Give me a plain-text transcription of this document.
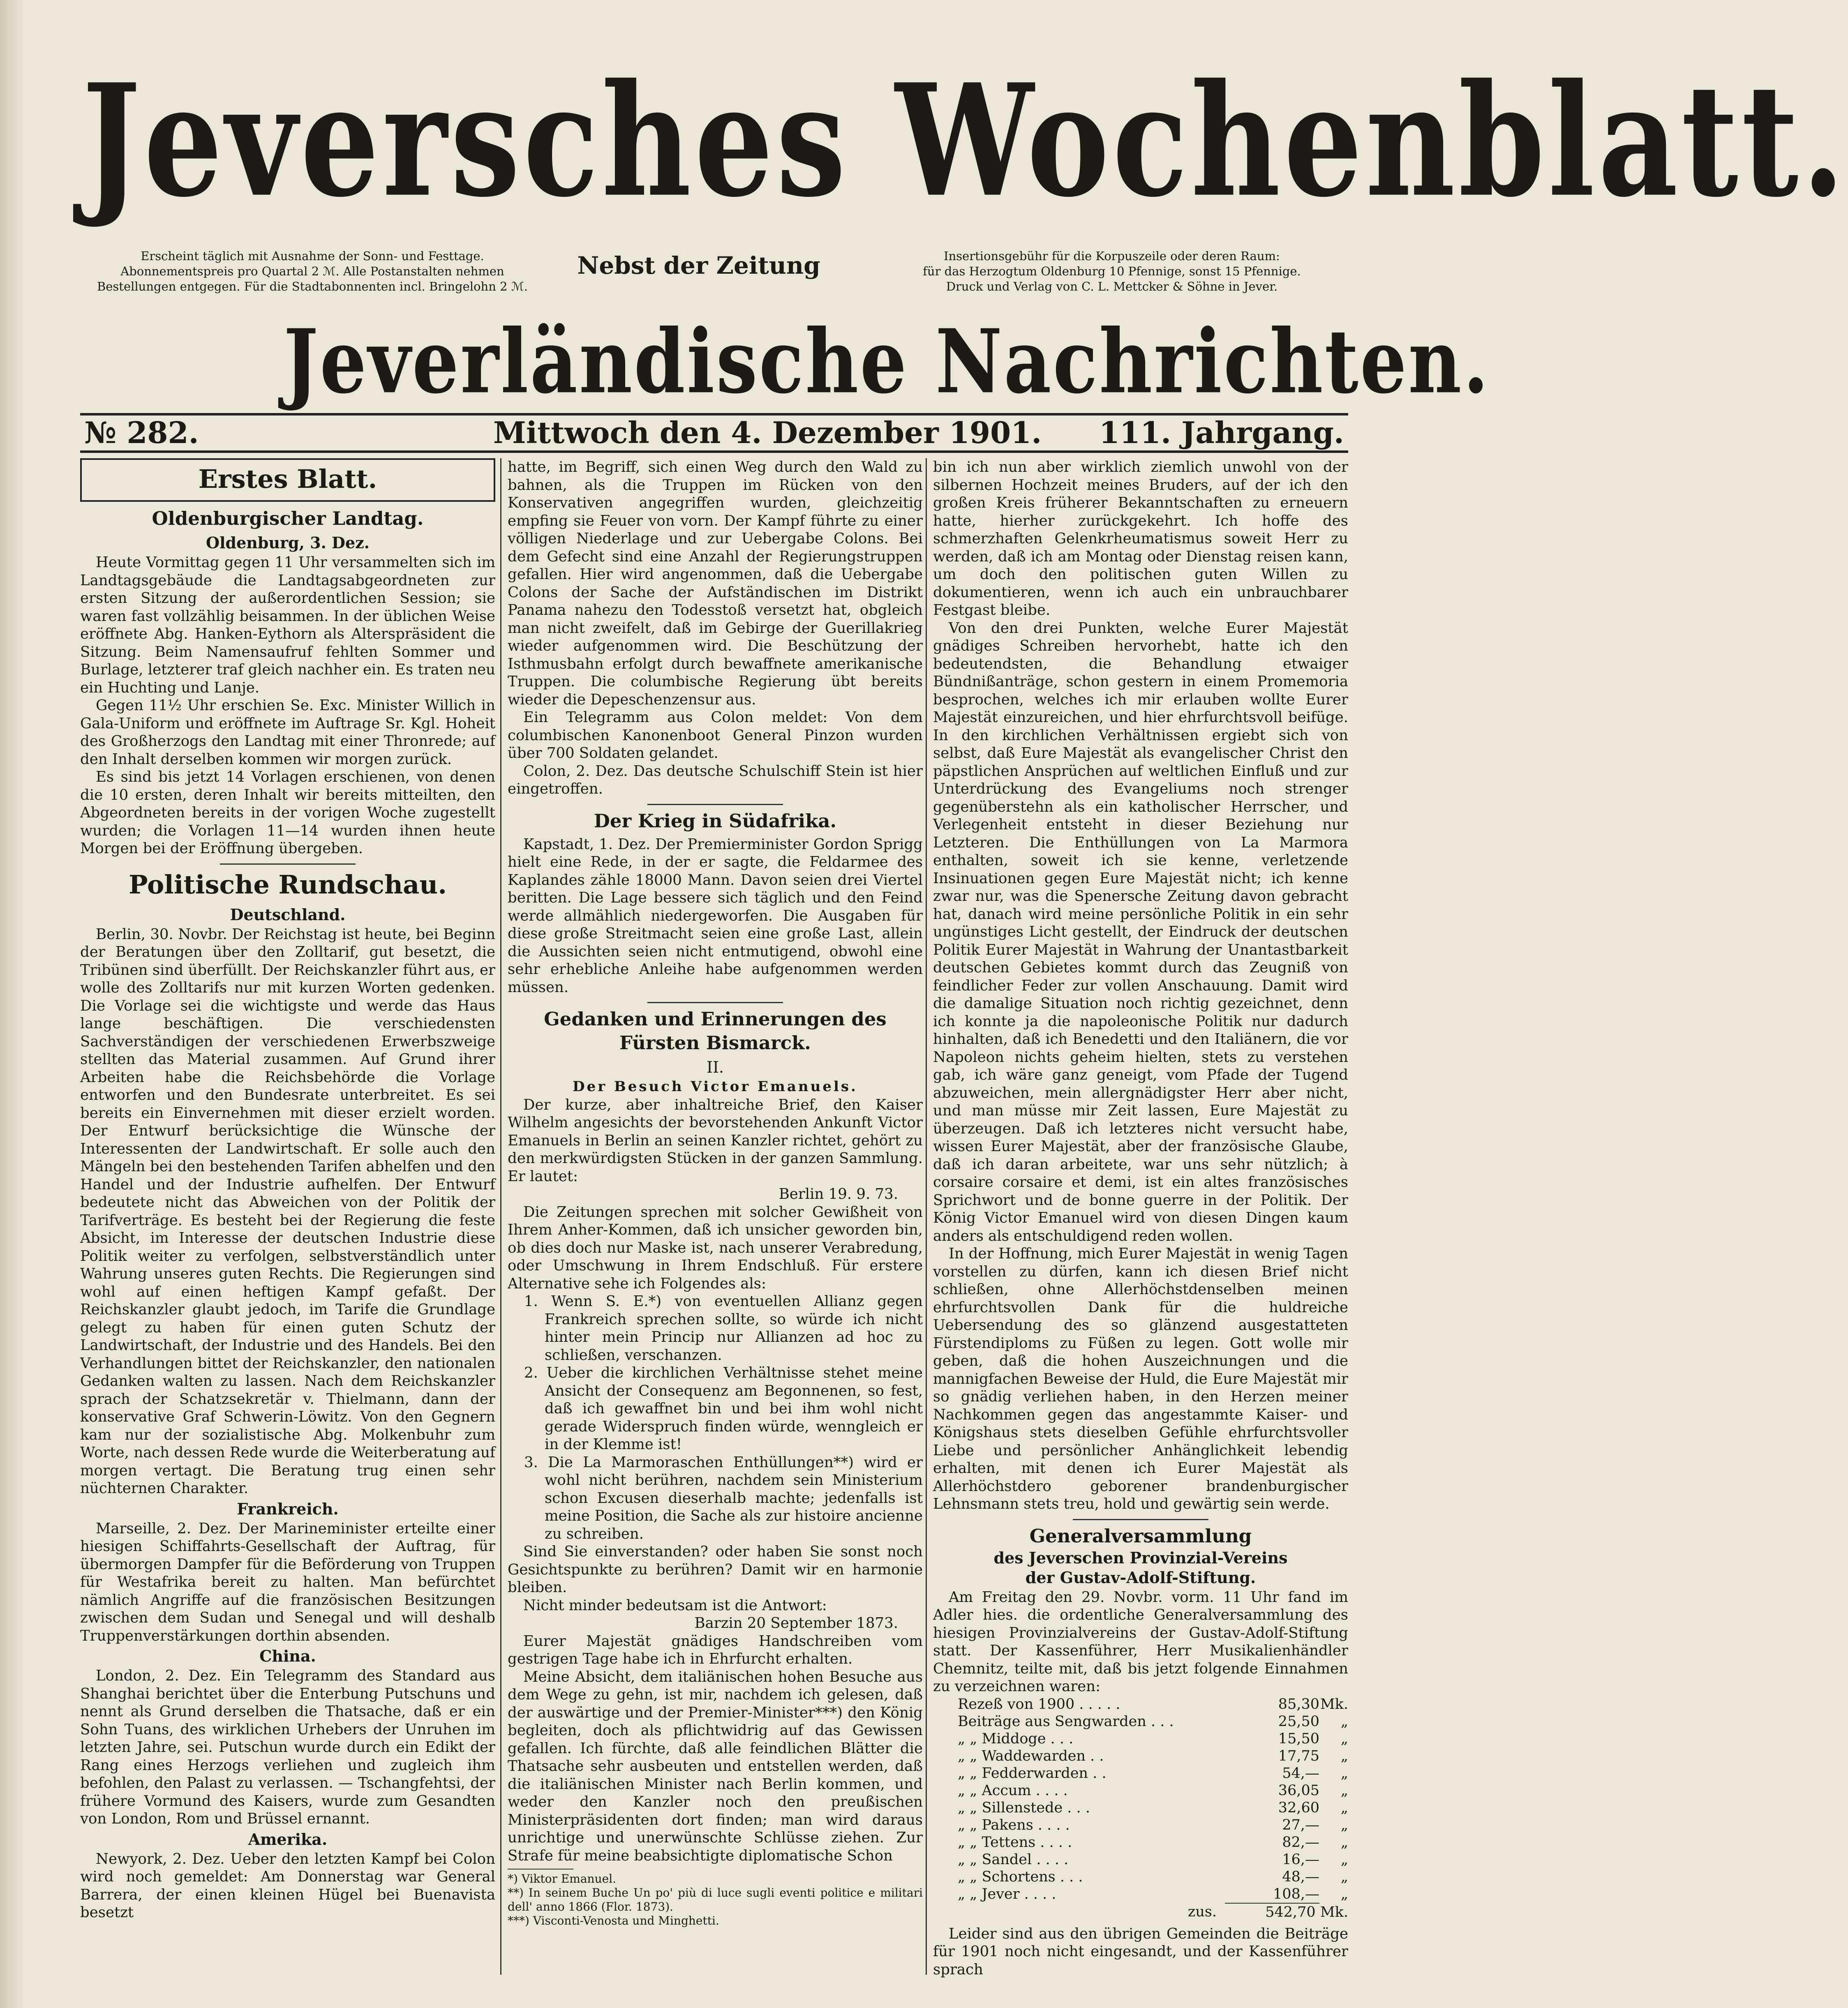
Jeversches Wochenblatt.
Erscheint täglich mit Ausnahme der Sonn- und Festtage.
Abonnementspreis pro Quartal 2 ℳ. Alle Postanstalten nehmen
Bestellungen entgegen. Für die Stadtabonnenten incl. Bringelohn 2 ℳ.
Nebst der Zeitung	Insertionsgebühr für die Korpuszeile oder deren Raum:
für das Herzogtum Oldenburg 10 Pfennige, sonst 15 Pfennige.
Druck und Verlag von C. L. Mettcker & Söhne in Jever.
Jeverländische Nachrichten.
№ 282.	Mittwoch den 4. Dezember 1901. 111. Jahrgang.
Erstes Blatt.
Oldenburgischer Landtag.
Oldenburg, 3. Dez.

Heute Vormittag gegen 11 Uhr versammelten sich im Landtagsgebäude die Landtagsabgeordneten zur ersten Sitzung der außerordentlichen Session; sie waren fast vollzählig beisammen. In der üblichen Weise eröffnete Abg. Hanken-Eythorn als Alterspräsident die Sitzung. Beim Namensaufruf fehlten Sommer und Burlage, letzterer traf gleich nachher ein. Es traten neu ein Huchting und Lanje.

Gegen 11½ Uhr erschien Se. Exc. Minister Willich in Gala-Uniform und eröffnete im Auftrage Sr. Kgl. Hoheit des Großherzogs den Landtag mit einer Thronrede; auf den Inhalt derselben kommen wir morgen zurück.

Es sind bis jetzt 14 Vorlagen erschienen, von denen die 10 ersten, deren Inhalt wir bereits mitteilten, den Abgeordneten bereits in der vorigen Woche zugestellt wurden; die Vorlagen 11—14 wurden ihnen heute Morgen bei der Eröffnung übergeben.

Politische Rundschau.
Deutschland.

Berlin, 30. Novbr. Der Reichstag ist heute, bei Beginn der Beratungen über den Zolltarif, gut besetzt, die Tribünen sind überfüllt. Der Reichskanzler führt aus, er wolle des Zolltarifs nur mit kurzen Worten gedenken. Die Vorlage sei die wichtigste und werde das Haus lange beschäftigen. Die verschiedensten Sachverständigen der verschiedenen Erwerbszweige stellten das Material zusammen. Auf Grund ihrer Arbeiten habe die Reichsbehörde die Vorlage entworfen und den Bundesrate unterbreitet. Es sei bereits ein Einvernehmen mit dieser erzielt worden. Der Entwurf berücksichtige die Wünsche der Interessenten der Landwirtschaft. Er solle auch den Mängeln bei den bestehenden Tarifen abhelfen und den Handel und der Industrie aufhelfen. Der Entwurf bedeutete nicht das Abweichen von der Politik der Tarifverträge. Es besteht bei der Regierung die feste Absicht, im Interesse der deutschen Industrie diese Politik weiter zu verfolgen, selbstverständlich unter Wahrung unseres guten Rechts. Die Regierungen sind wohl auf einen heftigen Kampf gefaßt. Der Reichskanzler glaubt jedoch, im Tarife die Grundlage gelegt zu haben für einen guten Schutz der Landwirtschaft, der Industrie und des Handels. Bei den Verhandlungen bittet der Reichskanzler, den nationalen Gedanken walten zu lassen. Nach dem Reichskanzler sprach der Schatzsekretär v. Thielmann, dann der konservative Graf Schwerin-Löwitz. Von den Gegnern kam nur der sozialistische Abg. Molkenbuhr zum Worte, nach dessen Rede wurde die Weiterberatung auf morgen vertagt. Die Beratung trug einen sehr nüchternen Charakter.

Frankreich.

Marseille, 2. Dez. Der Marineminister erteilte einer hiesigen Schiffahrts-Gesellschaft der Auftrag, für übermorgen Dampfer für die Beförderung von Truppen für Westafrika bereit zu halten. Man befürchtet nämlich Angriffe auf die französischen Besitzungen zwischen dem Sudan und Senegal und will deshalb Truppenverstärkungen dorthin absenden.

China.

London, 2. Dez. Ein Telegramm des Standard aus Shanghai berichtet über die Enterbung Putschuns und nennt als Grund derselben die Thatsache, daß er ein Sohn Tuans, des wirklichen Urhebers der Unruhen im letzten Jahre, sei. Putschun wurde durch ein Edikt der Rang eines Herzogs verliehen und zugleich ihm befohlen, den Palast zu verlassen. — Tschangfehtsi, der frühere Vormund des Kaisers, wurde zum Gesandten von London, Rom und Brüssel ernannt.

Amerika.

Newyork, 2. Dez. Ueber den letzten Kampf bei Colon wird noch gemeldet: Am Donnerstag war General Barrera, der einen kleinen Hügel bei Buenavista besetzt

hatte, im Begriff, sich einen Weg durch den Wald zu bahnen, als die Truppen im Rücken von den Konservativen angegriffen wurden, gleichzeitig empfing sie Feuer von vorn. Der Kampf führte zu einer völligen Niederlage und zur Uebergabe Colons. Bei dem Gefecht sind eine Anzahl der Regierungstruppen gefallen. Hier wird angenommen, daß die Uebergabe Colons der Sache der Aufständischen im Distrikt Panama nahezu den Todesstoß versetzt hat, obgleich man nicht zweifelt, daß im Gebirge der Guerillakrieg wieder aufgenommen wird. Die Beschützung der Isthmusbahn erfolgt durch bewaffnete amerikanische Truppen. Die columbische Regierung übt bereits wieder die Depeschenzensur aus.

Ein Telegramm aus Colon meldet: Von dem columbischen Kanonenboot General Pinzon wurden über 700 Soldaten gelandet.

Colon, 2. Dez. Das deutsche Schulschiff Stein ist hier eingetroffen.

Der Krieg in Südafrika.

Kapstadt, 1. Dez. Der Premierminister Gordon Sprigg hielt eine Rede, in der er sagte, die Feldarmee des Kaplandes zähle 18000 Mann. Davon seien drei Viertel beritten. Die Lage bessere sich täglich und den Feind werde allmählich niedergeworfen. Die Ausgaben für diese große Streitmacht seien eine große Last, allein die Aussichten seien nicht entmutigend, obwohl eine sehr erhebliche Anleihe habe aufgenommen werden müssen.

Gedanken und Erinnerungen des
Fürsten Bismarck.
II.
Der Besuch Victor Emanuels.

Der kurze, aber inhaltreiche Brief, den Kaiser Wilhelm angesichts der bevorstehenden Ankunft Victor Emanuels in Berlin an seinen Kanzler richtet, gehört zu den merkwürdigsten Stücken in der ganzen Sammlung. Er lautet:

Berlin 19. 9. 73.

Die Zeitungen sprechen mit solcher Gewißheit von Ihrem Anher-Kommen, daß ich unsicher geworden bin, ob dies doch nur Maske ist, nach unserer Verabredung, oder Umschwung in Ihrem Endschluß. Für erstere Alternative sehe ich Folgendes als:

1. Wenn S. E.*) von eventuellen Allianz gegen Frankreich sprechen sollte, so würde ich nicht hinter mein Princip nur Allianzen ad hoc zu schließen, verschanzen.

2. Ueber die kirchlichen Verhältnisse stehet meine Ansicht der Consequenz am Begonnenen, so fest, daß ich gewaffnet bin und bei ihm wohl nicht gerade Widerspruch finden würde, wenngleich er in der Klemme ist!

3. Die La Marmoraschen Enthüllungen**) wird er wohl nicht berühren, nachdem sein Ministerium schon Excusen dieserhalb machte; jedenfalls ist meine Position, die Sache als zur histoire ancienne zu schreiben.

Sind Sie einverstanden? oder haben Sie sonst noch Gesichtspunkte zu berühren? Damit wir en harmonie bleiben.

Nicht minder bedeutsam ist die Antwort:

Barzin 20 September 1873.

Eurer Majestät gnädiges Handschreiben vom gestrigen Tage habe ich in Ehrfurcht erhalten.

Meine Absicht, dem italiänischen hohen Besuche aus dem Wege zu gehn, ist mir, nachdem ich gelesen, daß der auswärtige und der Premier-Minister***) den König begleiten, doch als pflichtwidrig auf das Gewissen gefallen. Ich fürchte, daß alle feindlichen Blätter die Thatsache sehr ausbeuten und entstellen werden, daß die italiänischen Minister nach Berlin kommen, und weder den Kanzler noch den preußischen Ministerpräsidenten dort finden; man wird daraus unrichtige und unerwünschte Schlüsse ziehen. Zur Strafe für meine beabsichtigte diplomatische Schon

*) Viktor Emanuel.

**) In seinem Buche Un po' più di luce sugli eventi politice e militari dell' anno 1866 (Flor. 1873).

***) Visconti-Venosta und Minghetti.

bin ich nun aber wirklich ziemlich unwohl von der silbernen Hochzeit meines Bruders, auf der ich den großen Kreis früherer Bekanntschaften zu erneuern hatte, hierher zurückgekehrt. Ich hoffe des schmerzhaften Gelenkrheumatismus soweit Herr zu werden, daß ich am Montag oder Dienstag reisen kann, um doch den politischen guten Willen zu dokumentieren, wenn ich auch ein unbrauchbarer Festgast bleibe.

Von den drei Punkten, welche Eurer Majestät gnädiges Schreiben hervorhebt, hatte ich den bedeutendsten, die Behandlung etwaiger Bündnißanträge, schon gestern in einem Promemoria besprochen, welches ich mir erlauben wollte Eurer Majestät einzureichen, und hier ehrfurchtsvoll beifüge. In den kirchlichen Verhältnissen ergiebt sich von selbst, daß Eure Majestät als evangelischer Christ den päpstlichen Ansprüchen auf weltlichen Einfluß und zur Unterdrückung des Evangeliums noch strenger gegenüberstehn als ein katholischer Herrscher, und Verlegenheit entsteht in dieser Beziehung nur Letzteren. Die Enthüllungen von La Marmora enthalten, soweit ich sie kenne, verletzende Insinuationen gegen Eure Majestät nicht; ich kenne zwar nur, was die Spenersche Zeitung davon gebracht hat, danach wird meine persönliche Politik in ein sehr ungünstiges Licht gestellt, der Eindruck der deutschen Politik Eurer Majestät in Wahrung der Unantastbarkeit deutschen Gebietes kommt durch das Zeugniß von feindlicher Feder zur vollen Anschauung. Damit wird die damalige Situation noch richtig gezeichnet, denn ich konnte ja die napoleonische Politik nur dadurch hinhalten, daß ich Benedetti und den Italiänern, die vor Napoleon nichts geheim hielten, stets zu verstehen gab, ich wäre ganz geneigt, vom Pfade der Tugend abzuweichen, mein allergnädigster Herr aber nicht, und man müsse mir Zeit lassen, Eure Majestät zu überzeugen. Daß ich letzteres nicht versucht habe, wissen Eurer Majestät, aber der französische Glaube, daß ich daran arbeitete, war uns sehr nützlich; à corsaire corsaire et demi, ist ein altes französisches Sprichwort und de bonne guerre in der Politik. Der König Victor Emanuel wird von diesen Dingen kaum anders als entschuldigend reden wollen.

In der Hoffnung, mich Eurer Majestät in wenig Tagen vorstellen zu dürfen, kann ich diesen Brief nicht schließen, ohne Allerhöchstdenselben meinen ehrfurchtsvollen Dank für die huldreiche Uebersendung des so glänzend ausgestatteten Fürstendiploms zu Füßen zu legen. Gott wolle mir geben, daß die hohen Auszeichnungen und die mannigfachen Beweise der Huld, die Eure Majestät mir so gnädig verliehen haben, in den Herzen meiner Nachkommen gegen das angestammte Kaiser- und Königshaus stets dieselben Gefühle ehrfurchtsvoller Liebe und persönlicher Anhänglichkeit lebendig erhalten, mit denen ich Eurer Majestät als Allerhöchstdero geborener brandenburgischer Lehnsmann stets treu, hold und gewärtig sein werde.

Generalversammlung
des Jeverschen Provinzial-Vereins
der Gustav-Adolf-Stiftung.

Am Freitag den 29. Novbr. vorm. 11 Uhr fand im Adler hies. die ordentliche Generalversammlung des hiesigen Provinzialvereins der Gustav-Adolf-Stiftung statt. Der Kassenführer, Herr Musikalienhändler Chemnitz, teilte mit, daß bis jetzt folgende Einnahmen zu verzeichnen waren:

Rezeß von 1900 . . . . .	85,30	Mk.
Beiträge aus Sengwarden . . .	25,50	„
„ „ Middoge . . .	15,50	„
„ „ Waddewarden . .	17,75	„
„ „ Fedderwarden . .	54,—	„
„ „ Accum . . . .	36,05	„
„ „ Sillenstede . . .	32,60	„
„ „ Pakens . . . .	27,—	„
„ „ Tettens . . . .	82,—	„
„ „ Sandel . . . .	16,—	„
„ „ Schortens . . .	48,—	„
„ „ Jever . . . .	108,—	„
zus.	542,70 Mk.	

Leider sind aus den übrigen Gemeinden die Beiträge für 1901 noch nicht eingesandt, und der Kassenführer sprach
